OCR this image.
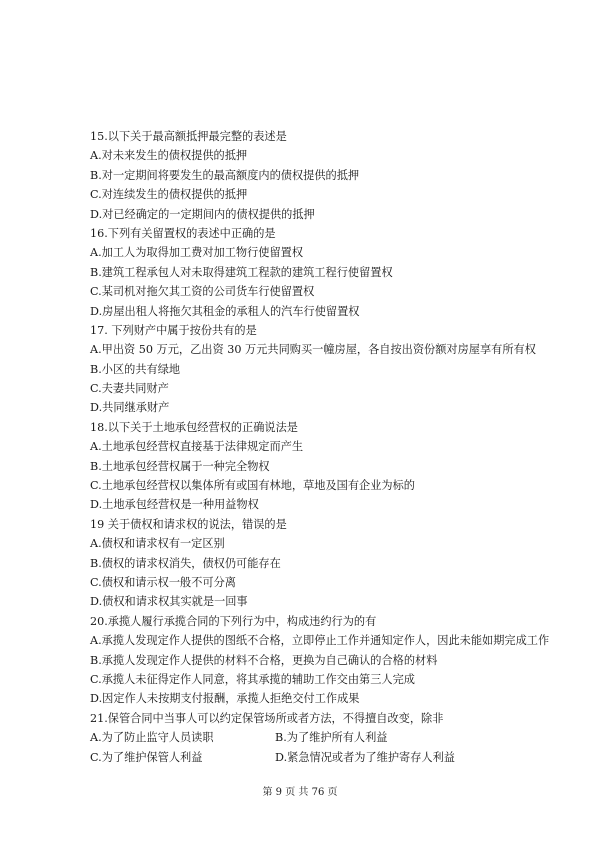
15.以下关于最高额抵押最完整的表述是
A.对未来发生的债权提供的抵押
B.对一定期间将要发生的最高额度内的债权提供的抵押
C.对连续发生的债权提供的抵押
D.对已经确定的一定期间内的债权提供的抵押
16.下列有关留置权的表述中正确的是
A.加工人为取得加工费对加工物行使留置权
B.建筑工程承包人对未取得建筑工程款的建筑工程行使留置权
C.某司机对拖欠其工资的公司货车行使留置权
D.房屋出租人将拖欠其租金的承租人的汽车行使留置权
17. 下列财产中属于按份共有的是
A.甲出资 50 万元，乙出资 30 万元共同购买一幢房屋，各自按出资份额对房屋享有所有权
B.小区的共有绿地
C.夫妻共同财产
D.共同继承财产
18.以下关于土地承包经营权的正确说法是
A.土地承包经营权直接基于法律规定而产生
B.土地承包经营权属于一种完全物权
C.土地承包经营权以集体所有或国有林地，草地及国有企业为标的
D.土地承包经营权是一种用益物权
19 关于债权和请求权的说法，错误的是
A.债权和请求权有一定区别
B.债权的请求权消失，债权仍可能存在
C.债权和请示权一般不可分离
D.债权和请求权其实就是一回事
20.承揽人履行承揽合同的下列行为中，构成违约行为的有
A.承揽人发现定作人提供的图纸不合格，立即停止工作并通知定作人，因此未能如期完成工作
B.承揽人发现定作人提供的材料不合格，更换为自己确认的合格的材料
C.承揽人未征得定作人同意，将其承揽的辅助工作交由第三人完成
D.因定作人未按期支付报酬，承揽人拒绝交付工作成果
21.保管合同中当事人可以约定保管场所或者方法，不得擅自改变，除非
A.为了防止监守人员读职	B.为了维护所有人利益
C.为了维护保管人利益	D.紧急情况或者为了维护寄存人利益
第 9 页 共 76 页
